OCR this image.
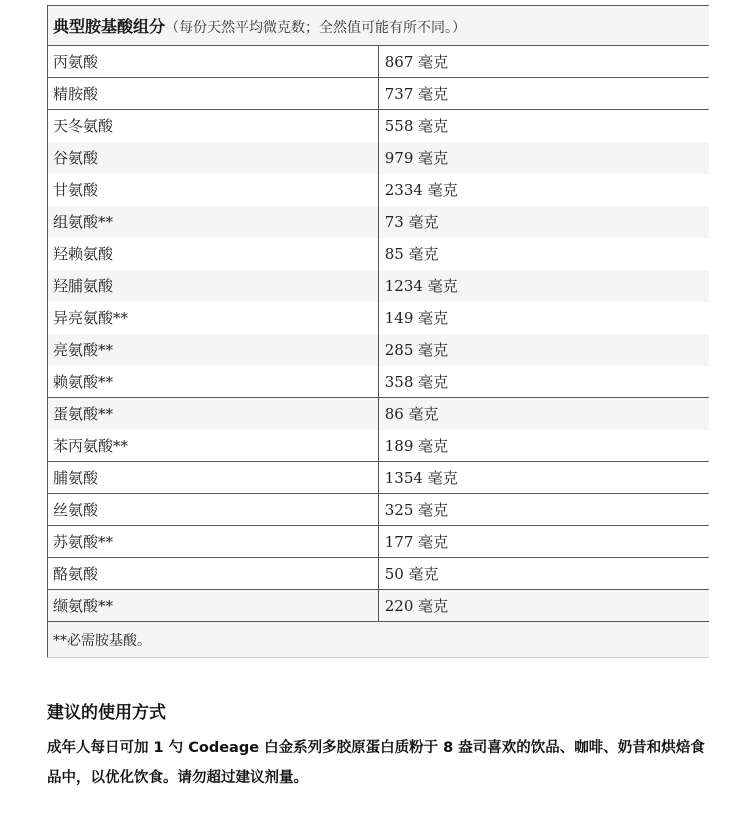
典型胺基酸组分（每份天然平均微克数；全然值可能有所不同。）	
丙氨酸	867 毫克
精胺酸	737 毫克
天冬氨酸	558 毫克
谷氨酸	979 毫克
甘氨酸	2334 毫克
组氨酸**	73 毫克
羟赖氨酸	85 毫克
羟脯氨酸	1234 毫克
异亮氨酸**	149 毫克
亮氨酸**	285 毫克
赖氨酸**	358 毫克
蛋氨酸**	86 毫克
苯丙氨酸**	189 毫克
脯氨酸	1354 毫克
丝氨酸	325 毫克
苏氨酸**	177 毫克
酪氨酸	50 毫克
缬氨酸**	220 毫克
**必需胺基酸。	
建议的使用方式

成年人每日可加 1 勺 Codeage 白金系列多胶原蛋白质粉于 8 盎司喜欢的饮品、咖啡、奶昔和烘焙食品中，以优化饮食。请勿超过建议剂量。
